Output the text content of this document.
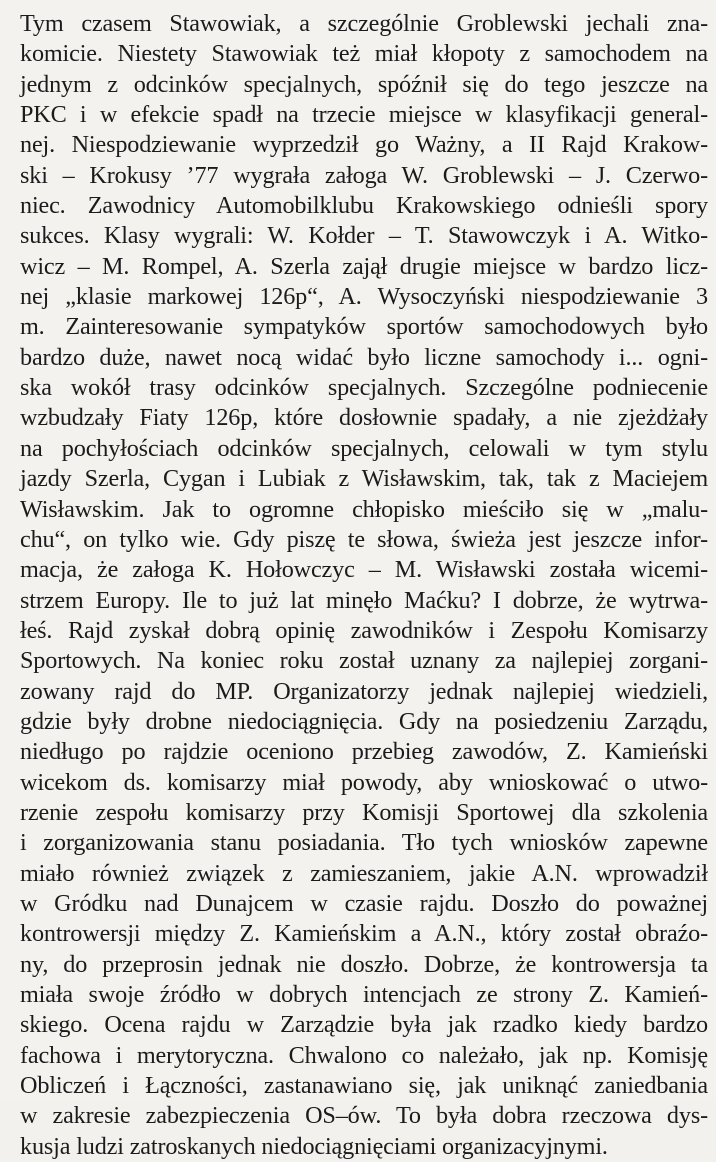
Tym czasem Stawowiak, a szczególnie Groblewski jechali zna-
komicie. Niestety Stawowiak też miał kłopoty z samochodem na
jednym z odcinków specjalnych, spóźnił się do tego jeszcze na
PKC i w efekcie spadł na trzecie miejsce w klasyfikacji general-
nej. Niespodziewanie wyprzedził go Ważny, a II Rajd Krakow-
ski – Krokusy ’77 wygrała załoga W. Groblewski – J. Czerwo-
niec. Zawodnicy Automobilklubu Krakowskiego odnieśli spory
sukces. Klasy wygrali: W. Kołder – T. Stawowczyk i A. Witko-
wicz – M. Rompel, A. Szerla zajął drugie miejsce w bardzo licz-
nej „klasie markowej 126p“, A. Wysoczyński niespodziewanie 3
m. Zainteresowanie sympatyków sportów samochodowych było
bardzo duże, nawet nocą widać było liczne samochody i... ogni-
ska wokół trasy odcinków specjalnych. Szczególne podniecenie
wzbudzały Fiaty 126p, które dosłownie spadały, a nie zjeżdżały
na pochyłościach odcinków specjalnych, celowali w tym stylu
jazdy Szerla, Cygan i Lubiak z Wisławskim, tak, tak z Maciejem
Wisławskim. Jak to ogromne chłopisko mieściło się w „malu-
chu“, on tylko wie. Gdy piszę te słowa, świeża jest jeszcze infor-
macja, że załoga K. Hołowczyc – M. Wisławski została wicemi-
strzem Europy. Ile to już lat minęło Maćku? I dobrze, że wytrwa-
łeś. Rajd zyskał dobrą opinię zawodników i Zespołu Komisarzy
Sportowych. Na koniec roku został uznany za najlepiej zorgani-
zowany rajd do MP. Organizatorzy jednak najlepiej wiedzieli,
gdzie były drobne niedociągnięcia. Gdy na posiedzeniu Zarządu,
niedługo po rajdzie oceniono przebieg zawodów, Z. Kamieński
wicekom ds. komisarzy miał powody, aby wnioskować o utwo-
rzenie zespołu komisarzy przy Komisji Sportowej dla szkolenia
i zorganizowania stanu posiadania. Tło tych wniosków zapewne
miało również związek z zamieszaniem, jakie A.N. wprowadził
w Gródku nad Dunajcem w czasie rajdu. Doszło do poważnej
kontrowersji między Z. Kamieńskim a A.N., który został obraźo-
ny, do przeprosin jednak nie doszło. Dobrze, że kontrowersja ta
miała swoje źródło w dobrych intencjach ze strony Z. Kamień-
skiego. Ocena rajdu w Zarządzie była jak rzadko kiedy bardzo
fachowa i merytoryczna. Chwalono co należało, jak np. Komisję
Obliczeń i Łączności, zastanawiano się, jak uniknąć zaniedbania
w zakresie zabezpieczenia OS–ów. To była dobra rzeczowa dys-
kusja ludzi zatroskanych niedociągnięciami organizacyjnymi.
